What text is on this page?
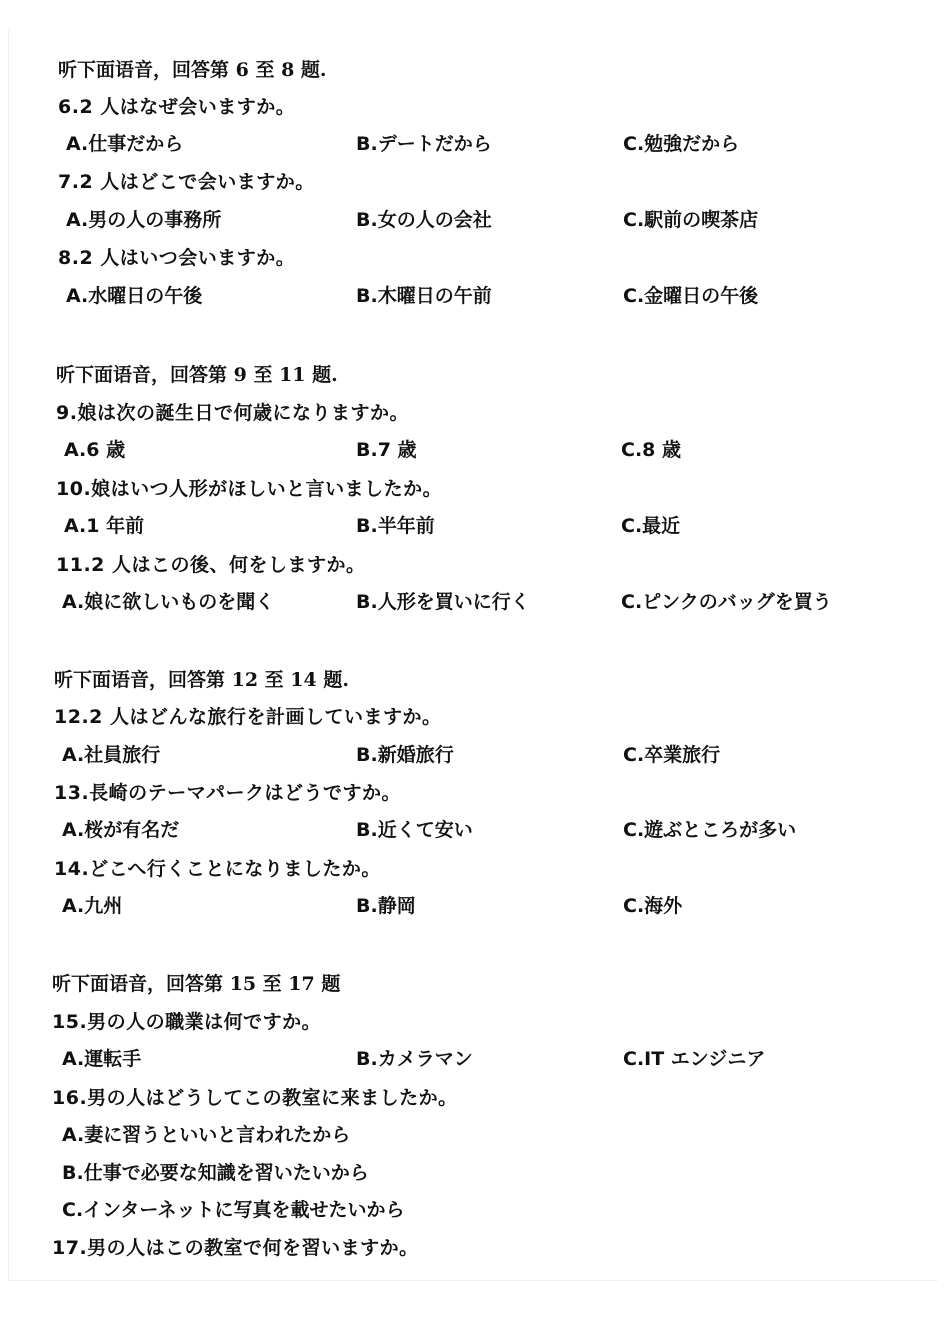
听下面语音，回答第 6 至 8 题.
6.2 人はなぜ会いますか。
A.仕事だから	B.デートだから	C.勉強だから
7.2 人はどこで会いますか。
A.男の人の事務所	B.女の人の会社	C.駅前の喫茶店
8.2 人はいつ会いますか。
A.水曜日の午後	B.木曜日の午前	C.金曜日の午後
听下面语音，回答第 9 至 11 题.
9.娘は次の誕生日で何歳になりますか。
A.6 歳	B.7 歳	C.8 歳
10.娘はいつ人形がほしいと言いましたか。
A.1 年前	B.半年前	C.最近
11.2 人はこの後、何をしますか。
A.娘に欲しいものを聞く	B.人形を買いに行く	C.ピンクのバッグを買う
听下面语音，回答第 12 至 14 题.
12.2 人はどんな旅行を計画していますか。
A.社員旅行	B.新婚旅行	C.卒業旅行
13.長崎のテーマパークはどうですか。
A.桜が有名だ	B.近くて安い	C.遊ぶところが多い
14.どこへ行くことになりましたか。
A.九州	B.静岡	C.海外
听下面语音，回答第 15 至 17 题
15.男の人の職業は何ですか。
A.運転手	B.カメラマン	C.IT エンジニア
16.男の人はどうしてこの教室に来ましたか。
A.妻に習うといいと言われたから
B.仕事で必要な知識を習いたいから
C.インターネットに写真を載せたいから
17.男の人はこの教室で何を習いますか。
